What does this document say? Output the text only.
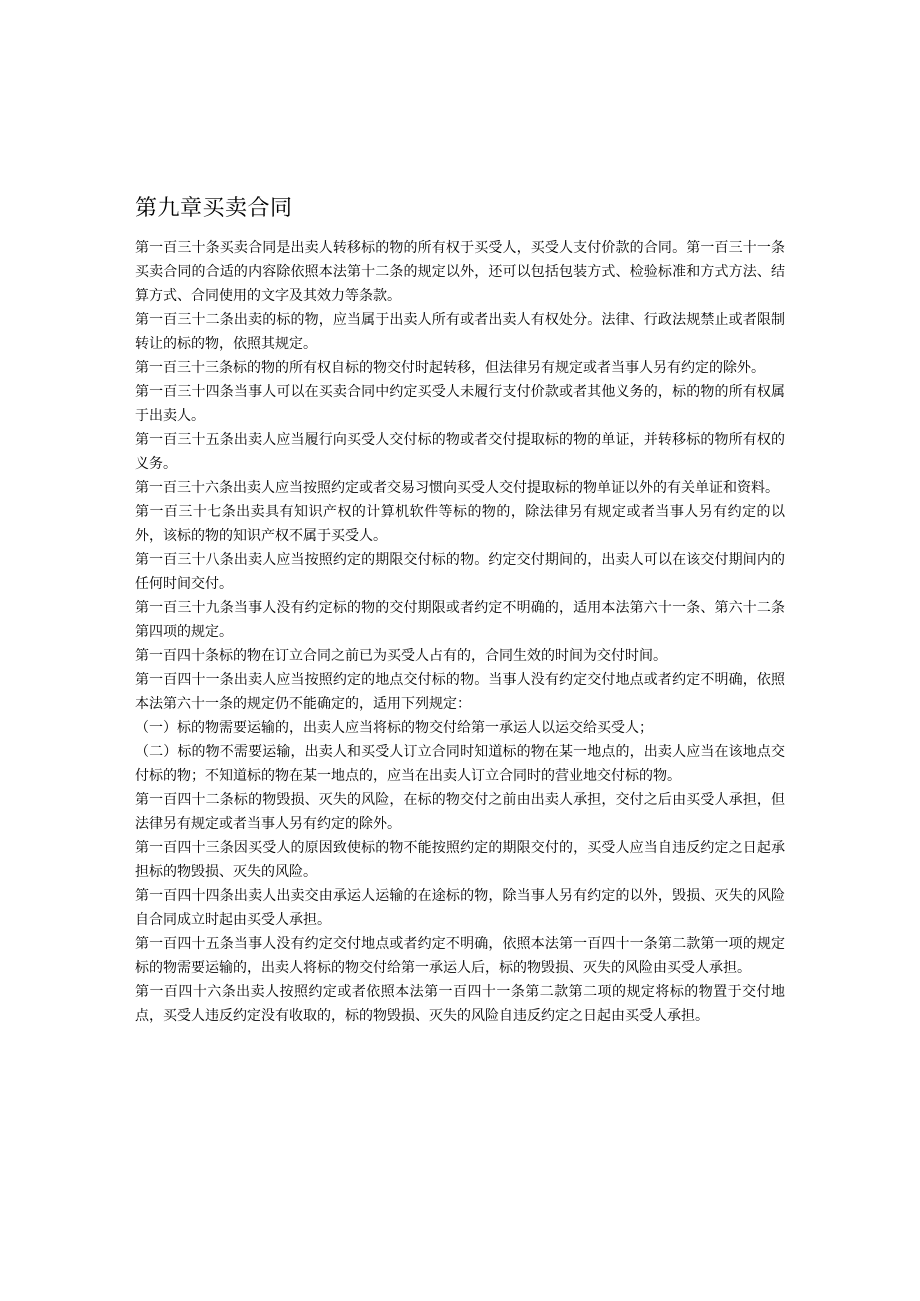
第九章买卖合同

第一百三十条买卖合同是出卖人转移标的物的所有权于买受人，买受人支付价款的合同。第一百三十一条买卖合同的合适的内容除依照本法第十二条的规定以外，还可以包括包装方式、检验标准和方式方法、结算方式、合同使用的文字及其效力等条款。

第一百三十二条出卖的标的物，应当属于出卖人所有或者出卖人有权处分。法律、行政法规禁止或者限制转让的标的物，依照其规定。

第一百三十三条标的物的所有权自标的物交付时起转移，但法律另有规定或者当事人另有约定的除外。

第一百三十四条当事人可以在买卖合同中约定买受人未履行支付价款或者其他义务的，标的物的所有权属于出卖人。

第一百三十五条出卖人应当履行向买受人交付标的物或者交付提取标的物的单证，并转移标的物所有权的义务。

第一百三十六条出卖人应当按照约定或者交易习惯向买受人交付提取标的物单证以外的有关单证和资料。

第一百三十七条出卖具有知识产权的计算机软件等标的物的，除法律另有规定或者当事人另有约定的以外，该标的物的知识产权不属于买受人。

第一百三十八条出卖人应当按照约定的期限交付标的物。约定交付期间的，出卖人可以在该交付期间内的任何时间交付。

第一百三十九条当事人没有约定标的物的交付期限或者约定不明确的，适用本法第六十一条、第六十二条第四项的规定。

第一百四十条标的物在订立合同之前已为买受人占有的，合同生效的时间为交付时间。

第一百四十一条出卖人应当按照约定的地点交付标的物。当事人没有约定交付地点或者约定不明确，依照本法第六十一条的规定仍不能确定的，适用下列规定：

（一）标的物需要运输的，出卖人应当将标的物交付给第一承运人以运交给买受人；

（二）标的物不需要运输，出卖人和买受人订立合同时知道标的物在某一地点的，出卖人应当在该地点交付标的物；不知道标的物在某一地点的，应当在出卖人订立合同时的营业地交付标的物。

第一百四十二条标的物毁损、灭失的风险，在标的物交付之前由出卖人承担，交付之后由买受人承担，但法律另有规定或者当事人另有约定的除外。

第一百四十三条因买受人的原因致使标的物不能按照约定的期限交付的，买受人应当自违反约定之日起承担标的物毁损、灭失的风险。

第一百四十四条出卖人出卖交由承运人运输的在途标的物，除当事人另有约定的以外，毁损、灭失的风险自合同成立时起由买受人承担。

第一百四十五条当事人没有约定交付地点或者约定不明确，依照本法第一百四十一条第二款第一项的规定标的物需要运输的，出卖人将标的物交付给第一承运人后，标的物毁损、灭失的风险由买受人承担。

第一百四十六条出卖人按照约定或者依照本法第一百四十一条第二款第二项的规定将标的物置于交付地点，买受人违反约定没有收取的，标的物毁损、灭失的风险自违反约定之日起由买受人承担。
